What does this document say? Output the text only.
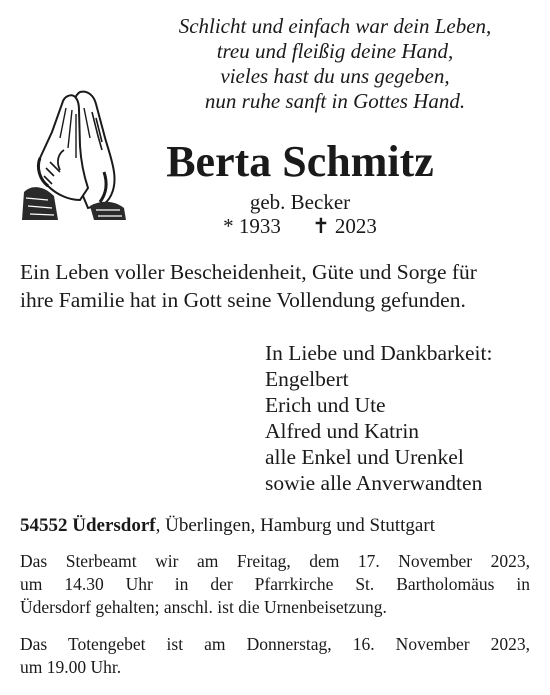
Schlicht und einfach war dein Leben,
treu und fleißig deine Hand,
vieles hast du uns gegeben,
nun ruhe sanft in Gottes Hand.
Berta Schmitz
geb. Becker
* 1933 ✝ 2023
Ein Leben voller Bescheidenheit, Güte und Sorge für
ihre Familie hat in Gott seine Vollendung gefunden.
In Liebe und Dankbarkeit:
Engelbert
Erich und Ute
Alfred und Katrin
alle Enkel und Urenkel
sowie alle Anverwandten
54552 Üdersdorf, Überlingen, Hamburg und Stuttgart
Das Sterbeamt wir am Freitag, dem 17. November 2023,
um 14.30 Uhr in der Pfarrkirche St. Bartholomäus in
Üdersdorf gehalten; anschl. ist die Urnenbeisetzung.
Das Totengebet ist am Donnerstag, 16. November 2023,
um 19.00 Uhr.
